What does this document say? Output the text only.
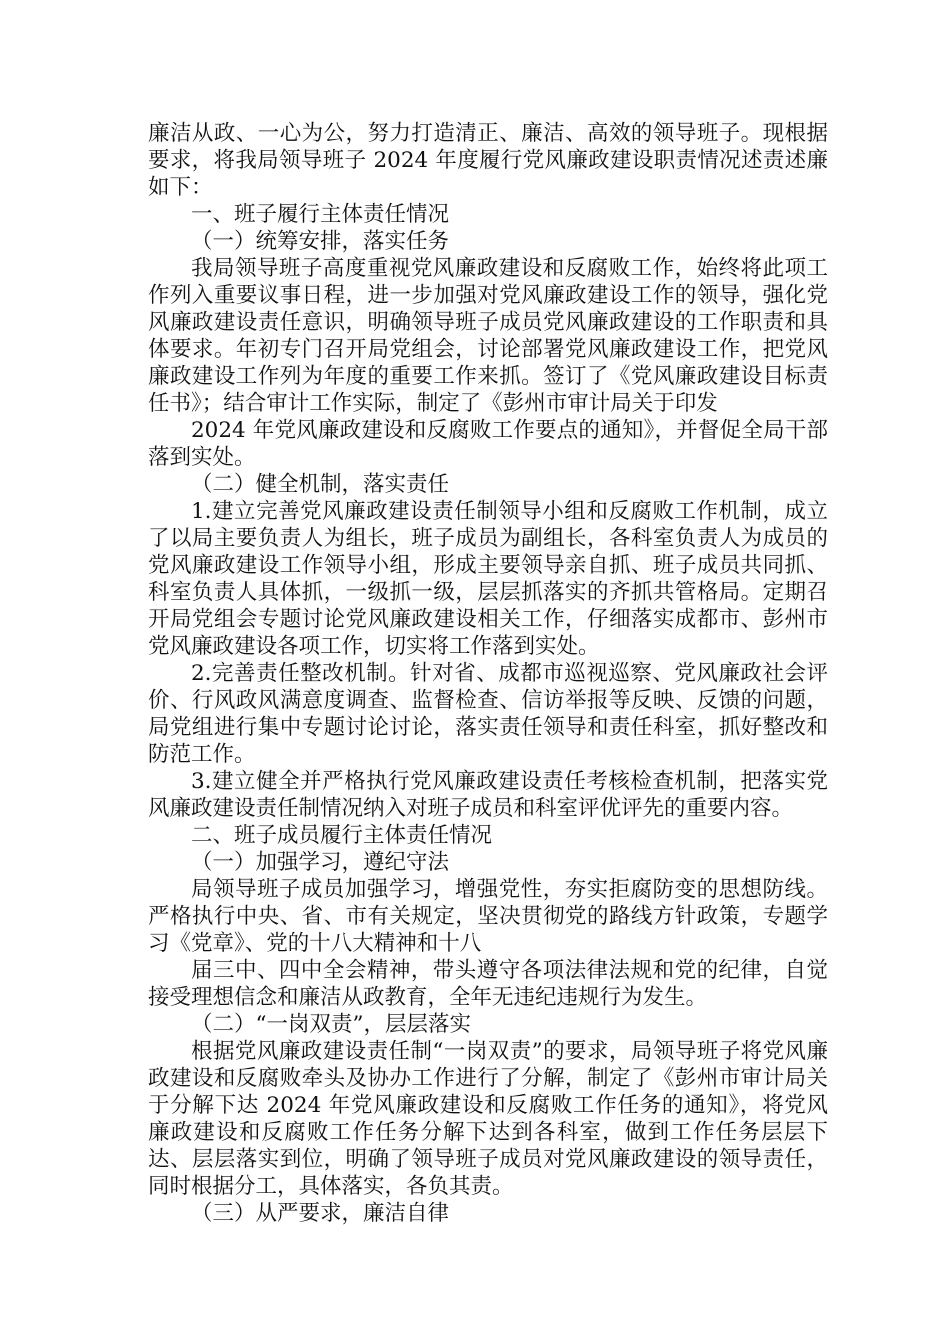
廉洁从政、一心为公，努力打造清正、廉洁、高效的领导班子。现根据要求，将我局领导班子 2024 年度履行党风廉政建设职责情况述责述廉如下：

一、班子履行主体责任情况

（一）统筹安排，落实任务

我局领导班子高度重视党风廉政建设和反腐败工作，始终将此项工作列入重要议事日程，进一步加强对党风廉政建设工作的领导，强化党风廉政建设责任意识，明确领导班子成员党风廉政建设的工作职责和具体要求。年初专门召开局党组会，讨论部署党风廉政建设工作，把党风廉政建设工作列为年度的重要工作来抓。签订了《党风廉政建设目标责任书》；结合审计工作实际，制定了《彭州市审计局关于印发

2024 年党风廉政建设和反腐败工作要点的通知》，并督促全局干部落到实处。

（二）健全机制，落实责任

1.建立完善党风廉政建设责任制领导小组和反腐败工作机制，成立了以局主要负责人为组长，班子成员为副组长，各科室负责人为成员的党风廉政建设工作领导小组，形成主要领导亲自抓、班子成员共同抓、科室负责人具体抓，一级抓一级，层层抓落实的齐抓共管格局。定期召开局党组会专题讨论党风廉政建设相关工作，仔细落实成都市、彭州市党风廉政建设各项工作，切实将工作落到实处。

2.完善责任整改机制。针对省、成都市巡视巡察、党风廉政社会评价、行风政风满意度调查、监督检查、信访举报等反映、反馈的问题，局党组进行集中专题讨论讨论，落实责任领导和责任科室，抓好整改和防范工作。

3.建立健全并严格执行党风廉政建设责任考核检查机制，把落实党风廉政建设责任制情况纳入对班子成员和科室评优评先的重要内容。

二、班子成员履行主体责任情况

（一）加强学习，遵纪守法

局领导班子成员加强学习，增强党性，夯实拒腐防变的思想防线。严格执行中央、省、市有关规定，坚决贯彻党的路线方针政策，专题学习《党章》、党的十八大精神和十八

届三中、四中全会精神，带头遵守各项法律法规和党的纪律，自觉接受理想信念和廉洁从政教育，全年无违纪违规行为发生。

（二）“一岗双责”，层层落实

根据党风廉政建设责任制“一岗双责”的要求，局领导班子将党风廉政建设和反腐败牵头及协办工作进行了分解，制定了《彭州市审计局关于分解下达 2024 年党风廉政建设和反腐败工作任务的通知》，将党风廉政建设和反腐败工作任务分解下达到各科室，做到工作任务层层下达、层层落实到位，明确了领导班子成员对党风廉政建设的领导责任，同时根据分工，具体落实，各负其责。

（三）从严要求，廉洁自律
